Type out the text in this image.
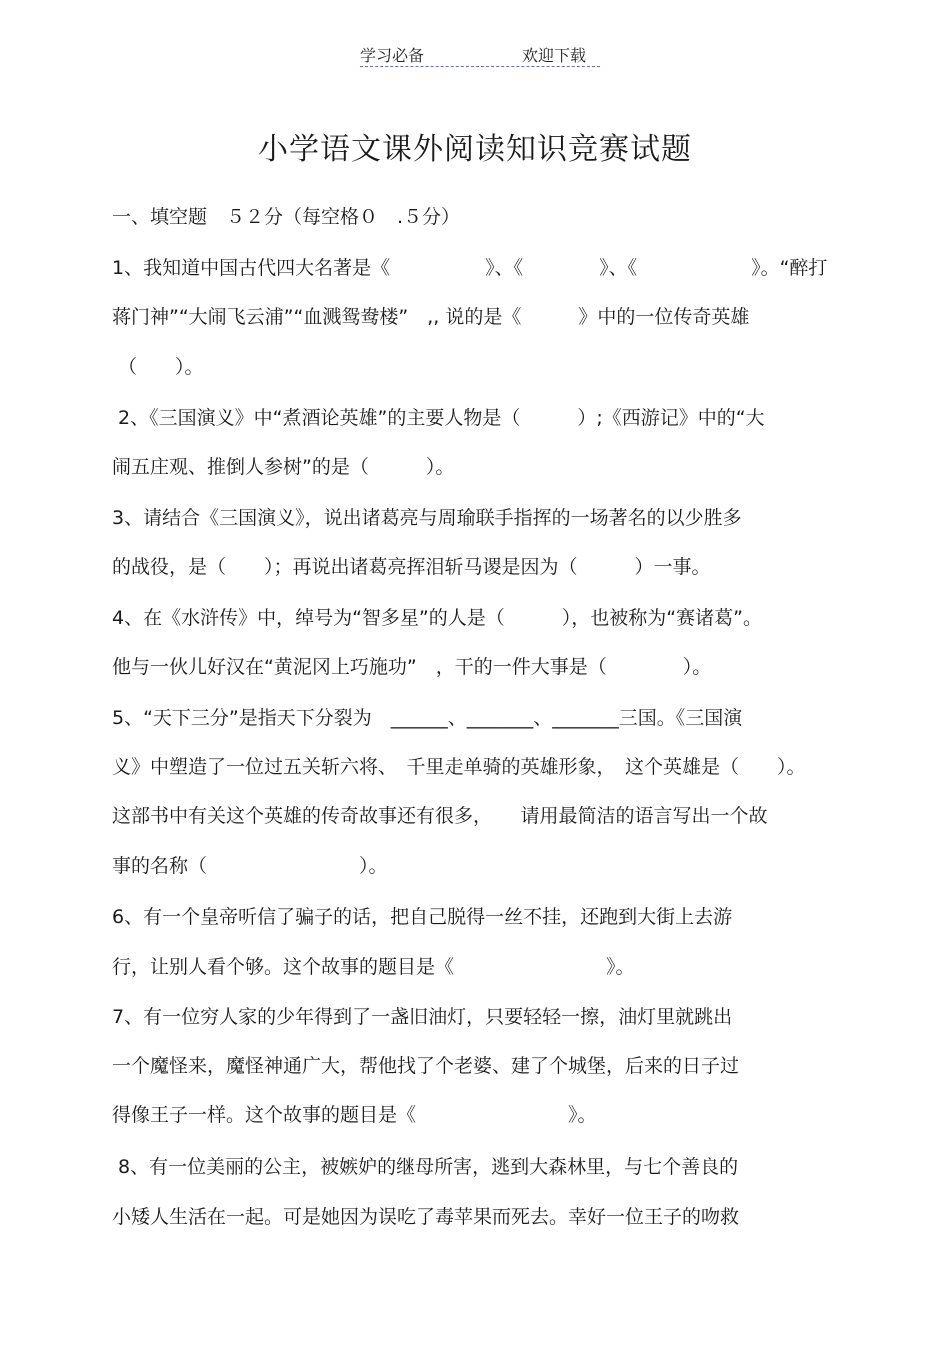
学习必备	欢迎下载
小学语文课外阅读知识竞赛试题
一、填空题　５２分（每空格０　.５分）
1、我知道中国古代四大名著是《　　　　　》、《　　　　》、《　　　　　　》。“醉打
蒋门神”“大闹飞云浦”“血溅鸳鸯楼”　,, 说的是《　　　》中的一位传奇英雄
（　　）。
2、《三国演义》中“煮酒论英雄”的主要人物是（　　　）;《西游记》中的“大
闹五庄观、推倒人参树”的是（　　　）。
3、请结合《三国演义》，说出诸葛亮与周瑜联手指挥的一场著名的以少胜多
的战役，是（　　）；再说出诸葛亮挥泪斩马谡是因为（　　　）一事。
4、在《水浒传》中，绰号为“智多星”的人是（　　　），也被称为“赛诸葛”。
他与一伙儿好汉在“黄泥冈上巧施功”　，干的一件大事是（　　　　）。
5、“天下三分”是指天下分裂为　______、_______、_______三国。《三国演
义》中塑造了一位过五关斩六将、　千里走单骑的英雄形象，　这个英雄是（　　）。
这部书中有关这个英雄的传奇故事还有很多，　　请用最简洁的语言写出一个故
事的名称（　　　　　　　　）。
6、有一个皇帝听信了骗子的话，把自己脱得一丝不挂，还跑到大街上去游
行，让别人看个够。这个故事的题目是《　　　　　　　　》。
7、有一位穷人家的少年得到了一盏旧油灯，只要轻轻一擦，油灯里就跳出
一个魔怪来，魔怪神通广大，帮他找了个老婆、建了个城堡，后来的日子过
得像王子一样。这个故事的题目是《　　　　　　　　》。
8、有一位美丽的公主，被嫉妒的继母所害，逃到大森林里，与七个善良的
小矮人生活在一起。可是她因为误吃了毒苹果而死去。幸好一位王子的吻救
